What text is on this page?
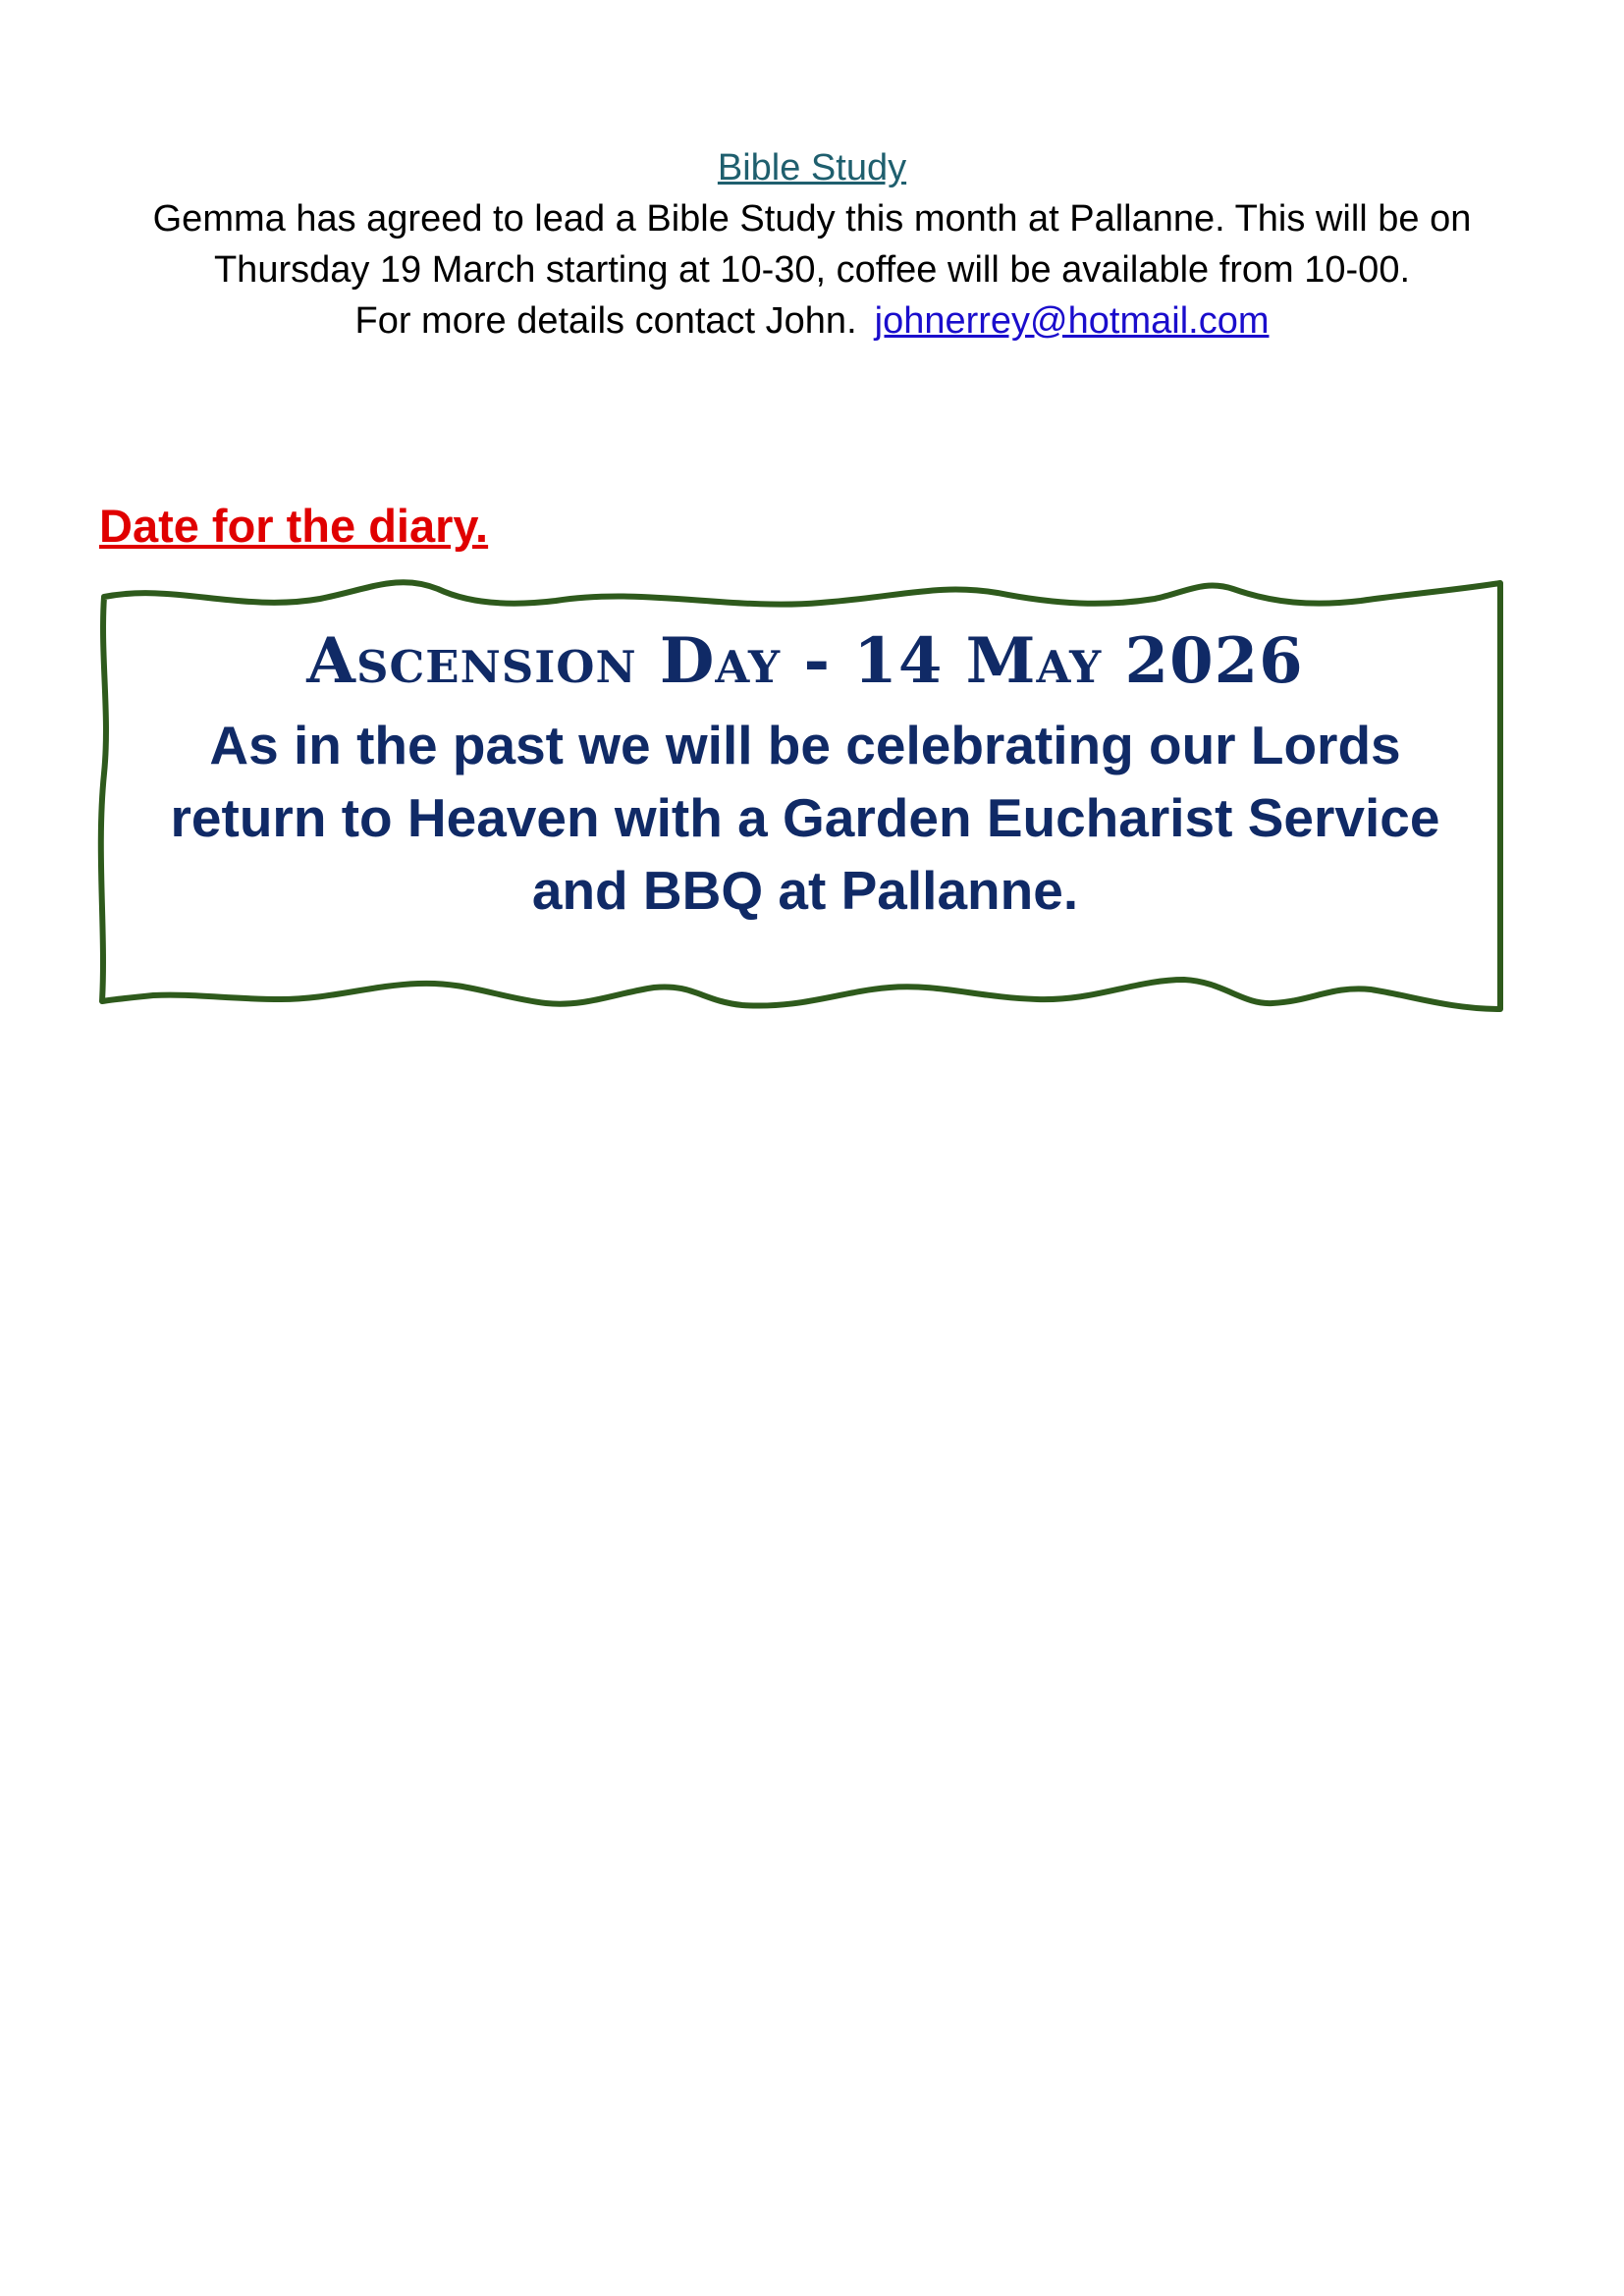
Bible Study
Gemma has agreed to lead a Bible Study this month at Pallanne. This will be on
Thursday 19 March starting at 10-30, coffee will be available from 10-00.
For more details contact John. johnerrey@hotmail.com
Date for the diary.
Ascension Day - 14 May 2026
As in the past we will be celebrating our Lords
return to Heaven with a Garden Eucharist Service
and BBQ at Pallanne.
